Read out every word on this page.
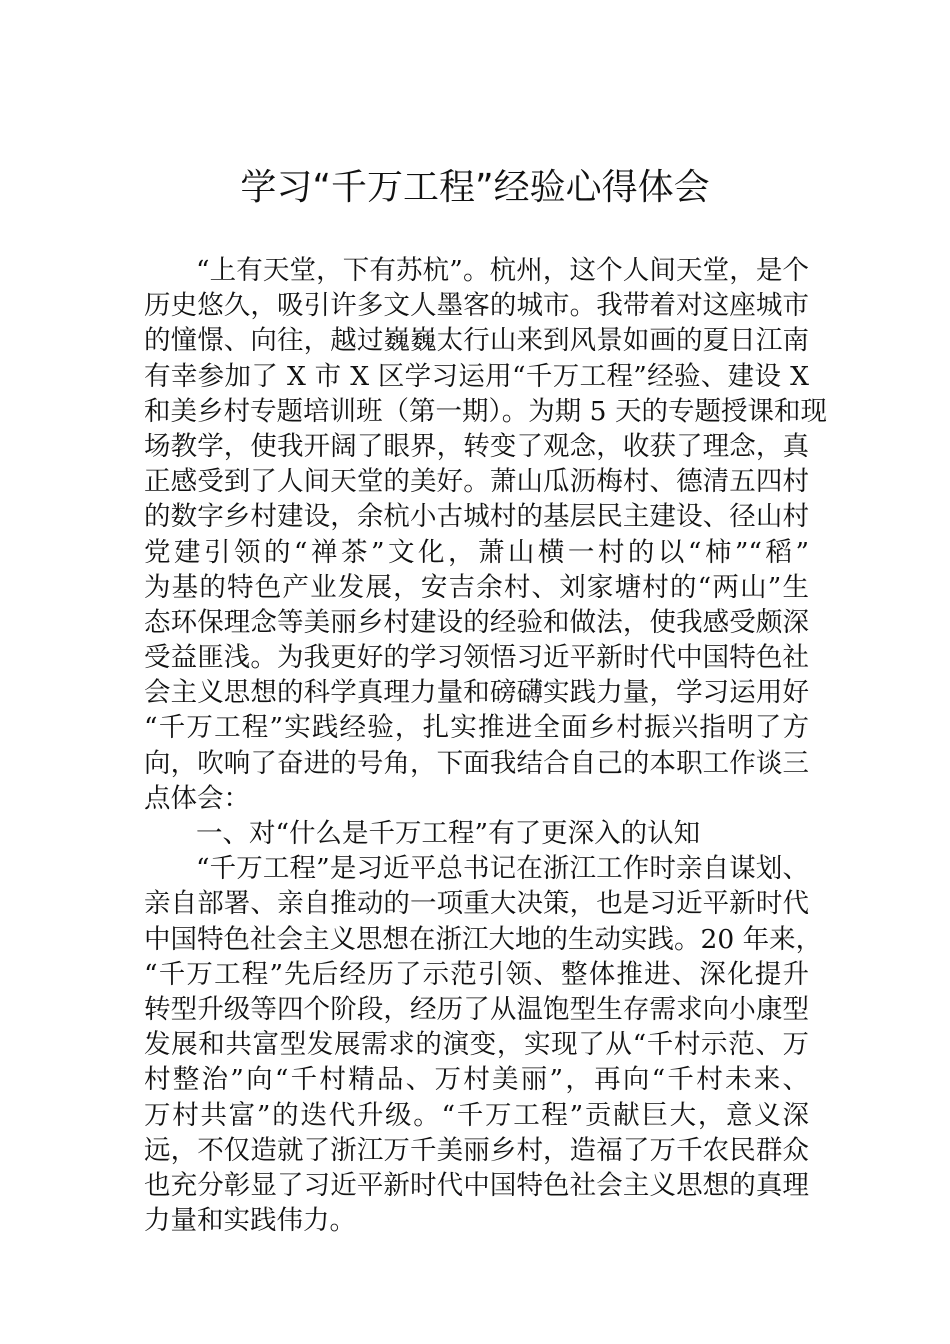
学习“千万工程”经验心得体会
“上有天堂，下有苏杭”。杭州，这个人间天堂，是个
历史悠久，吸引许多文人墨客的城市。我带着对这座城市
的憧憬、向往，越过巍巍太行山来到风景如画的夏日江南
有幸参加了 X 市 X 区学习运用“千万工程”经验、建设 X
和美乡村专题培训班（第一期）。为期 5 天的专题授课和现
场教学，使我开阔了眼界，转变了观念，收获了理念，真
正感受到了人间天堂的美好。萧山瓜沥梅村、德清五四村
的数字乡村建设，余杭小古城村的基层民主建设、径山村
党建引领的“禅茶”文化，萧山横一村的以“柿”“稻”
为基的特色产业发展，安吉余村、刘家塘村的“两山”生
态环保理念等美丽乡村建设的经验和做法，使我感受颇深
受益匪浅。为我更好的学习领悟习近平新时代中国特色社
会主义思想的科学真理力量和磅礴实践力量，学习运用好
“千万工程”实践经验，扎实推进全面乡村振兴指明了方
向，吹响了奋进的号角，下面我结合自己的本职工作谈三
点体会：
一、对“什么是千万工程”有了更深入的认知
“千万工程”是习近平总书记在浙江工作时亲自谋划、
亲自部署、亲自推动的一项重大决策，也是习近平新时代
中国特色社会主义思想在浙江大地的生动实践。20 年来，
“千万工程”先后经历了示范引领、整体推进、深化提升
转型升级等四个阶段，经历了从温饱型生存需求向小康型
发展和共富型发展需求的演变，实现了从“千村示范、万
村整治”向“千村精品、万村美丽”，再向“千村未来、
万村共富”的迭代升级。“千万工程”贡献巨大，意义深
远，不仅造就了浙江万千美丽乡村，造福了万千农民群众
也充分彰显了习近平新时代中国特色社会主义思想的真理
力量和实践伟力。
